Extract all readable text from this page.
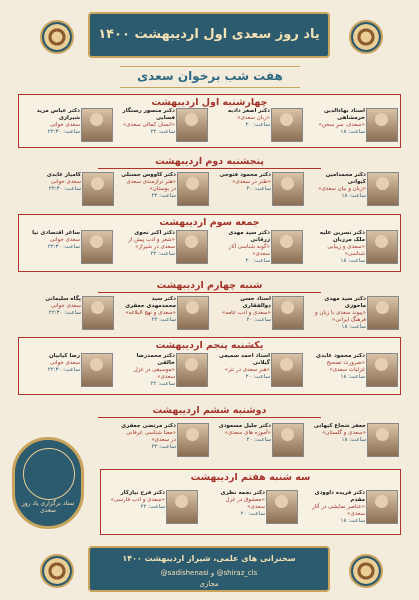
یاد روز سعدی اول اردیبهشت ۱۴۰۰
هفت شب برخوان سعدی
چهارشنبه اول اردیبهشت
استاد بهاءالدین خرمشاهی
«سعدی، سرِ سخن»
ساعت: ۱۸
دکتر اصغر دادبه
«زبان سعدی»
ساعت: ۲۰
دکتر منصور رستگار فسایی
«انسان کمالی سعدی»
ساعت: ۲۲
دکتر عباس مرید شیرازی
سعدی خوانی
ساعت: ۲۲:۳۰
پنجشنبه دوم اردیبهشت
دکتر محمدامین کیوانی
«زبان و بیان سعدی»
ساعت: ۱۸
دکتر محمود فتوحی
«طنز در سعدی»
ساعت: ۲۰
دکتر کاووس حسنلی
«هنر ترازمندی سعدی در بوستان»
ساعت: ۲۲
کامیار عابدی
سعدی خوانی
ساعت: ۲۲:۳۰
جمعه سوم اردیبهشت
دکتر نسرین علیه ملک مرزبان
«سعدی و زیبایی شناسی»
ساعت: ۱۸
دکتر سید مهدی زرقانی
«گونه شناسی آثار سعدی»
ساعت: ۲۰
دکتر اکبر نحوی
«شعر و ادب پیش از سعدی در شیراز»
ساعت: ۲۲
ساغر اقتصادی نیا
سعدی خوانی
ساعت: ۲۲:۳۰
شنبه چهارم اردیبهشت
دکتر سید مهدی ماحوزی
«پیوند سعدی با زبان و فرهنگ ایرانی»
ساعت: ۱۸
استاد حسن ذوالفقاری
«سعدی و ادب عامه»
ساعت: ۲۰
دکتر سید محمدمهدی جعفری
«سعدی و نهج البلاغه»
ساعت: ۲۲
پگاه سلیمانی
سعدی خوانی
ساعت: ۲۲:۳۰
یکشنبه پنجم اردیبهشت
دکتر محمود عابدی
«ضرورت تصحیح غزلیات سعدی»
ساعت: ۱۸
استاد احمد سمیعی گیلانی
«هنر سعدی در نثر»
ساعت: ۲۰
دکتر محمدرضا خالقی
«موسیقی در غزل سعدی»
ساعت: ۲۲
رضا کیانیان
سعدی خوانی
ساعت: ۲۲:۳۰
دوشنبه ششم اردیبهشت
جعفر شجاع کیهانی
«سعدی و گلستان»
ساعت: ۱۸
دکتر جلیل مسعودی
«آموزه های سعدی»
ساعت: ۲۰
دکتر مرتضی جعفری
«معنا شناسی عرفانی در سعدی»
ساعت: ۲۲
سه شنبه هفتم اردیبهشت
دکتر فریده داوودی مقدم
«عناصر نمایشی در آثار سعدی»
ساعت: ۱۸
دکتر نجمه نظری
«معشوق در غزل سعدی»
ساعت: ۲۰
دکتر فرح نیازکار
«سعدی و ادب فارسی»
ساعت: ۲۲
ستاد برگزاری یاد روز سعدی
سخنرانی های علمی، شیراز اردیبهشت ۱۴۰۰
@sadishenasi و @shiraz_cls
مجازی
